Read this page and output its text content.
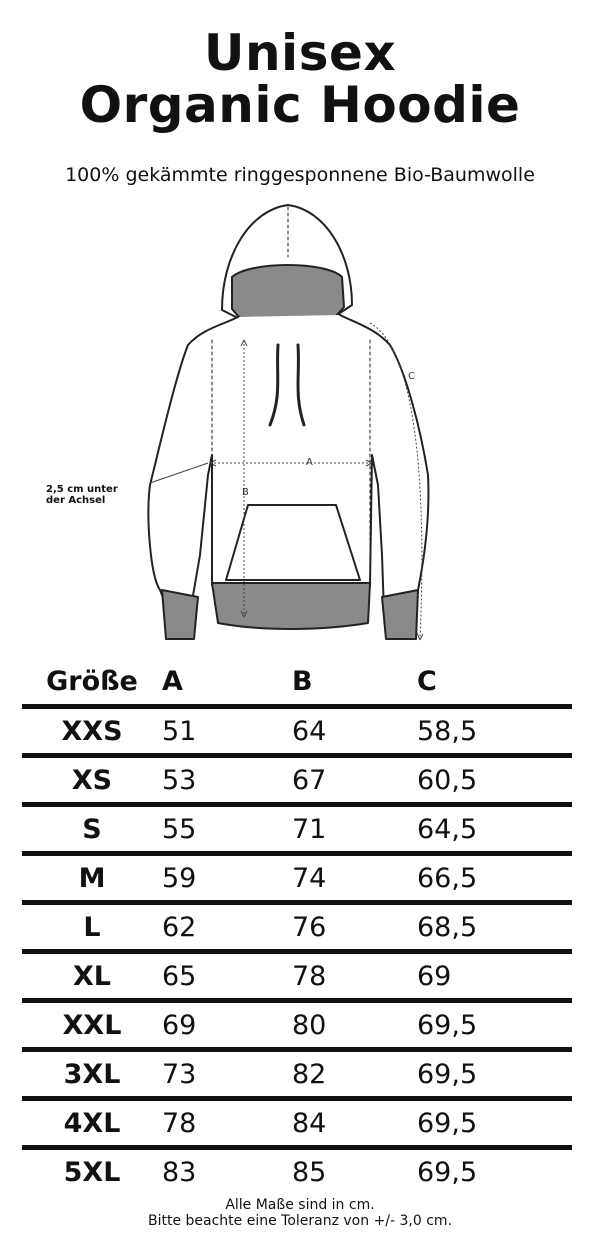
Unisex
Organic Hoodie
100% gekämmte ringgesponnene Bio-Baumwolle
A
B
C
2,5 cm unter
der Achsel
Größe	A	B	C
XXS	51	64	58,5
XS	53	67	60,5
S	55	71	64,5
M	59	74	66,5
L	62	76	68,5
XL	65	78	69
XXL	69	80	69,5
3XL	73	82	69,5
4XL	78	84	69,5
5XL	83	85	69,5
Alle Maße sind in cm.
Bitte beachte eine Toleranz von +/- 3,0 cm.
